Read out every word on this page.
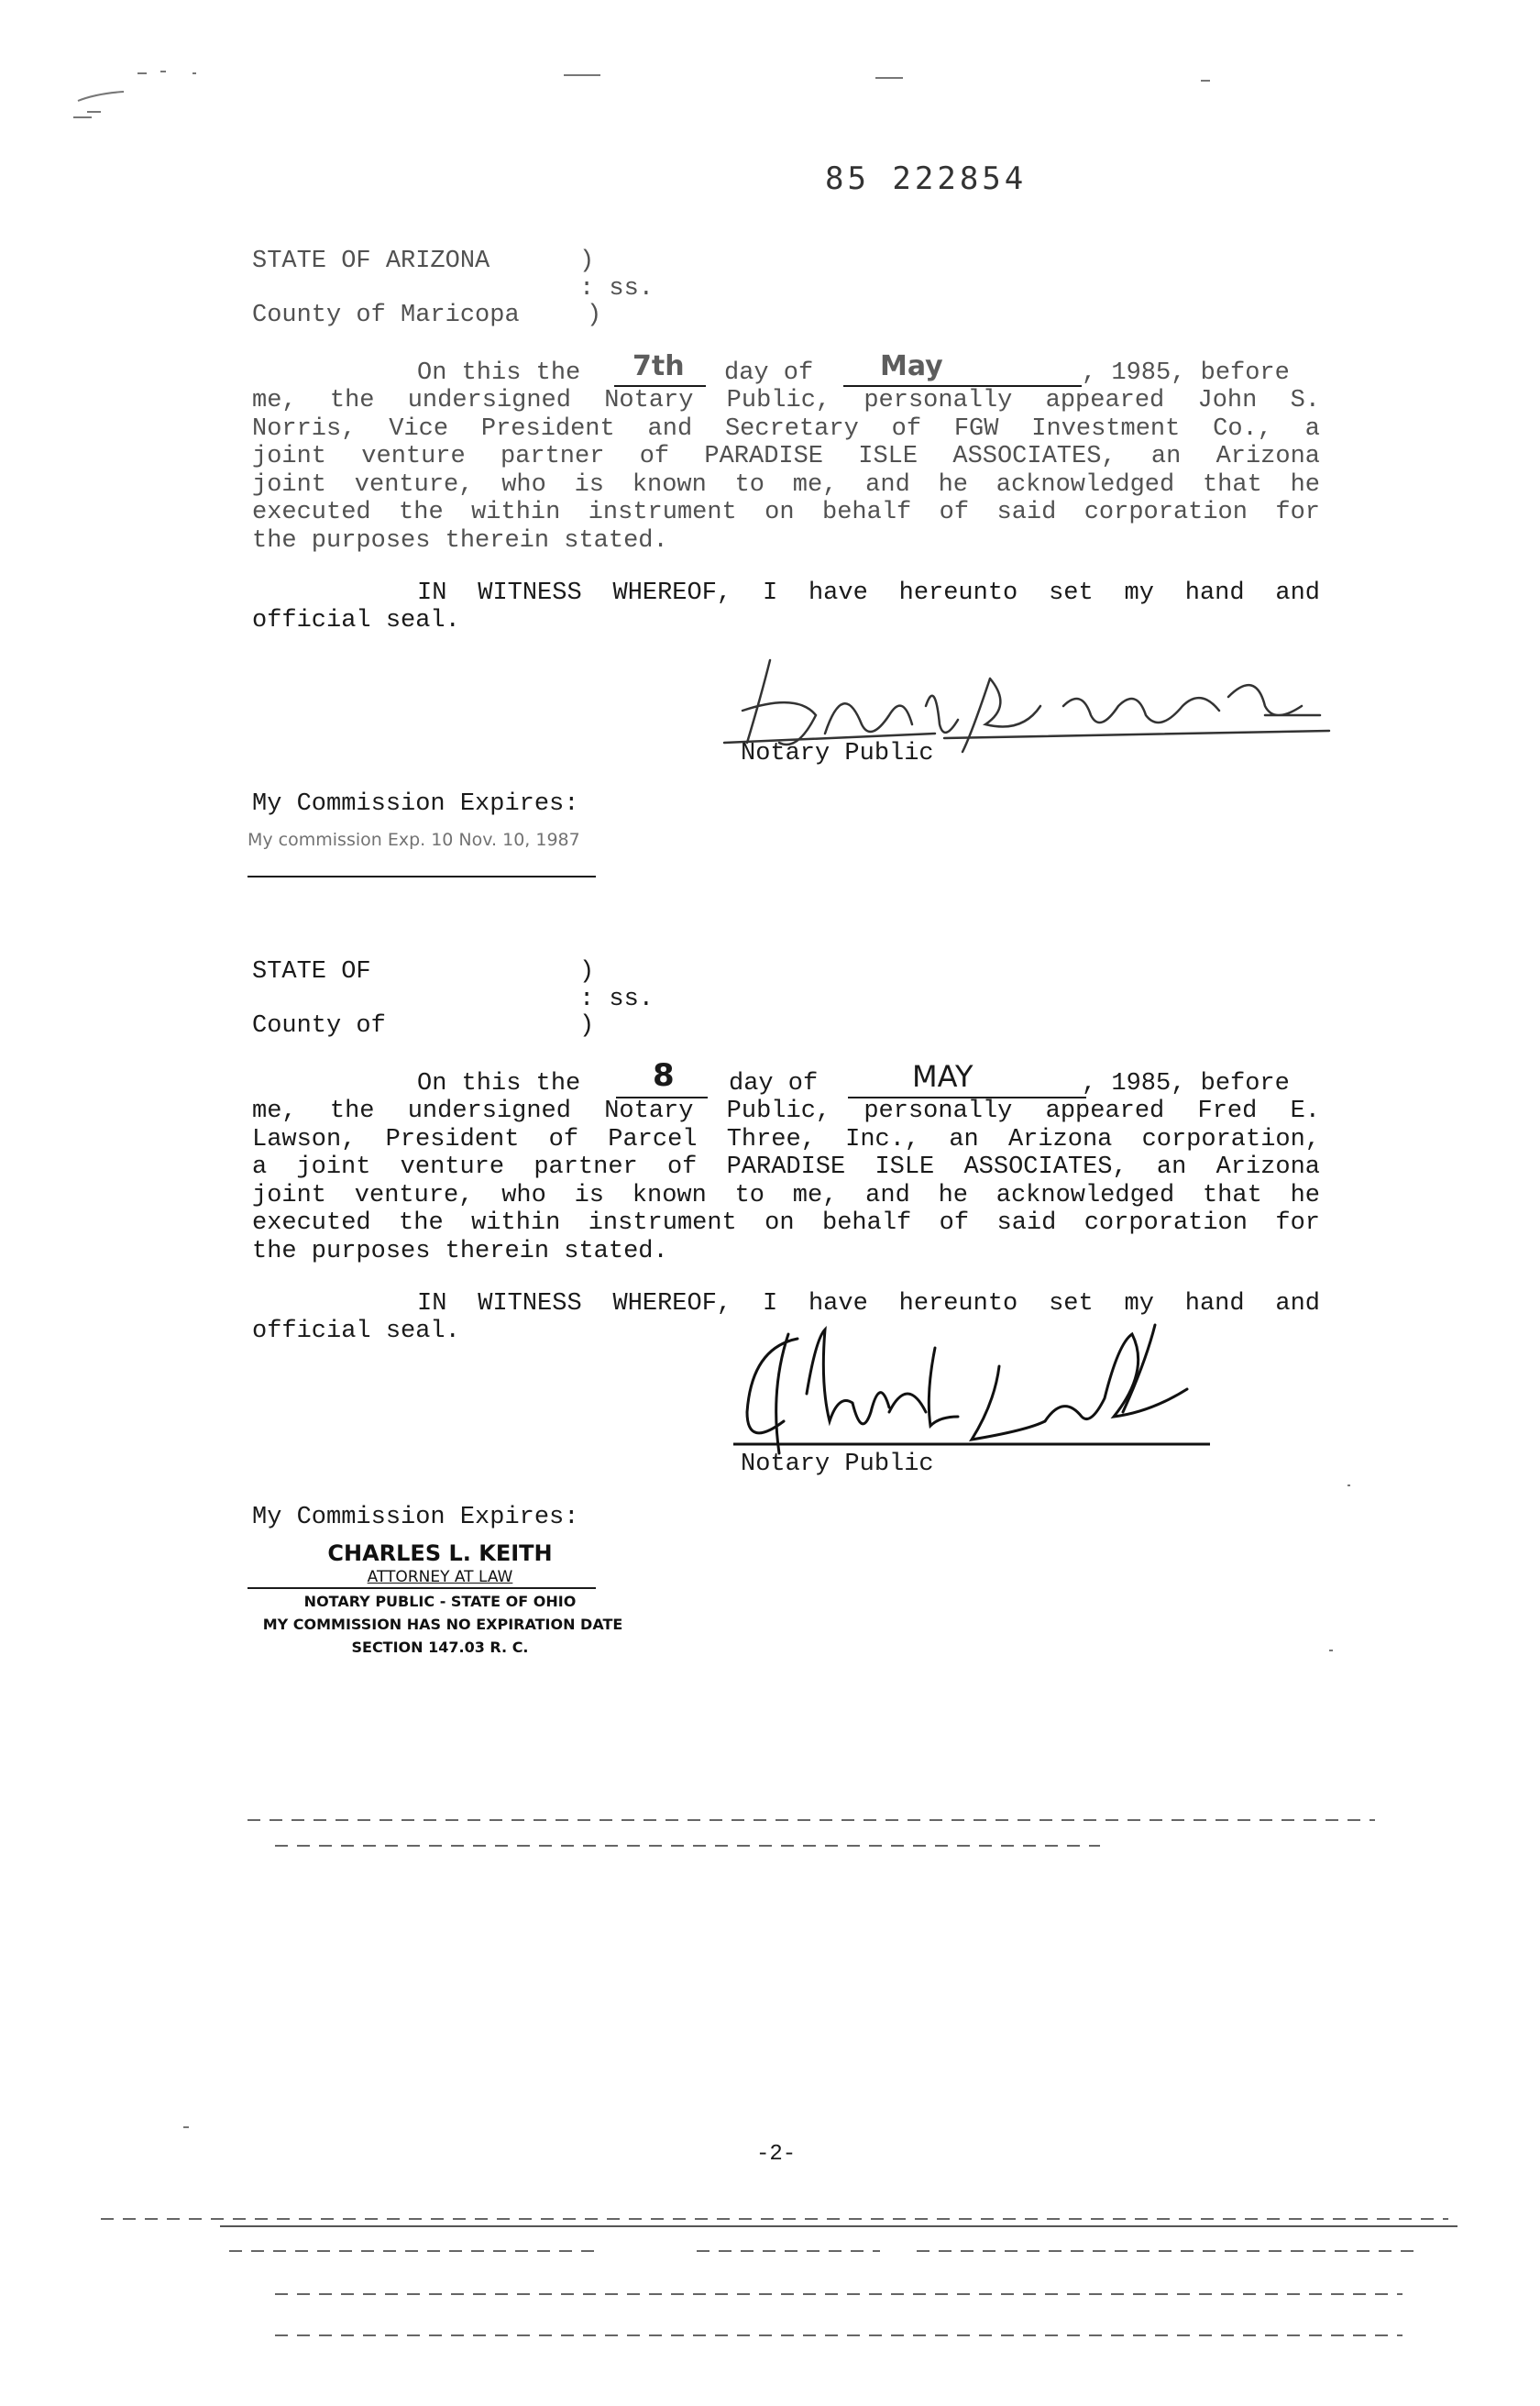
85 222854
STATE OF ARIZONA	)
: ss.
County of Maricopa	)
On this the 7th day of May	, 1985, before
me, the undersigned Notary Public, personally appeared John S.
Norris, Vice President and Secretary of FGW Investment Co., a
joint venture partner of PARADISE ISLE ASSOCIATES, an Arizona
joint venture, who is known to me, and he acknowledged that he
executed the within instrument on behalf of said corporation for
the purposes therein stated.
IN WITNESS WHEREOF, I have hereunto set my hand and
official seal.
Notary Public
My Commission Expires:
My commission Exp. 10 Nov. 10, 1987
STATE OF	)
: ss.
County of	)
On this the 8 day of	MAY	, 1985, before
me, the undersigned Notary Public, personally appeared Fred E.
Lawson, President of Parcel Three, Inc., an Arizona corporation,
a joint venture partner of PARADISE ISLE ASSOCIATES, an Arizona
joint venture, who is known to me, and he acknowledged that he
executed the within instrument on behalf of said corporation for
the purposes therein stated.
IN WITNESS WHEREOF, I have hereunto set my hand and
official seal.
Notary Public
My Commission Expires:
CHARLES L. KEITH
ATTORNEY AT LAW
NOTARY PUBLIC - STATE OF OHIO
MY COMMISSION HAS NO EXPIRATION DATE
SECTION 147.03 R. C.
-2-
